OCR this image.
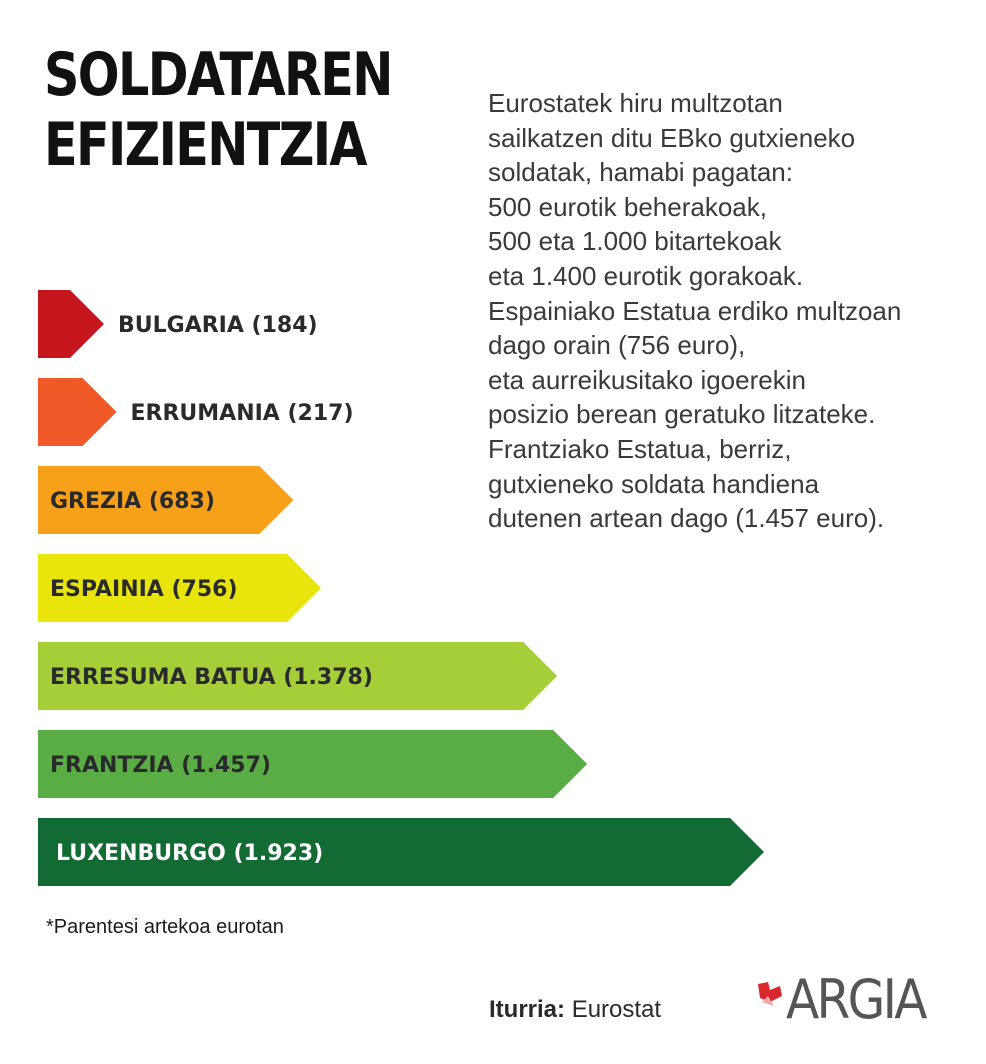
SOLDATAREN
EFIZIENTZIA
Eurostatek hiru multzotan
sailkatzen ditu EBko gutxieneko
soldatak, hamabi pagatan:
500 eurotik beherakoak,
500 eta 1.000 bitartekoak
eta 1.400 eurotik gorakoak.
Espainiako Estatua erdiko multzoan
dago orain (756 euro),
eta aurreikusitako igoerekin
posizio berean geratuko litzateke.
Frantziako Estatua, berriz,
gutxieneko soldata handiena
dutenen artean dago (1.457 euro).
BULGARIA (184)
ERRUMANIA (217)
GREZIA (683)
ESPAINIA (756)
ERRESUMA BATUA (1.378)
FRANTZIA (1.457)
LUXENBURGO (1.923)
*Parentesi artekoa eurotan
Iturria: Eurostat ARGIA
